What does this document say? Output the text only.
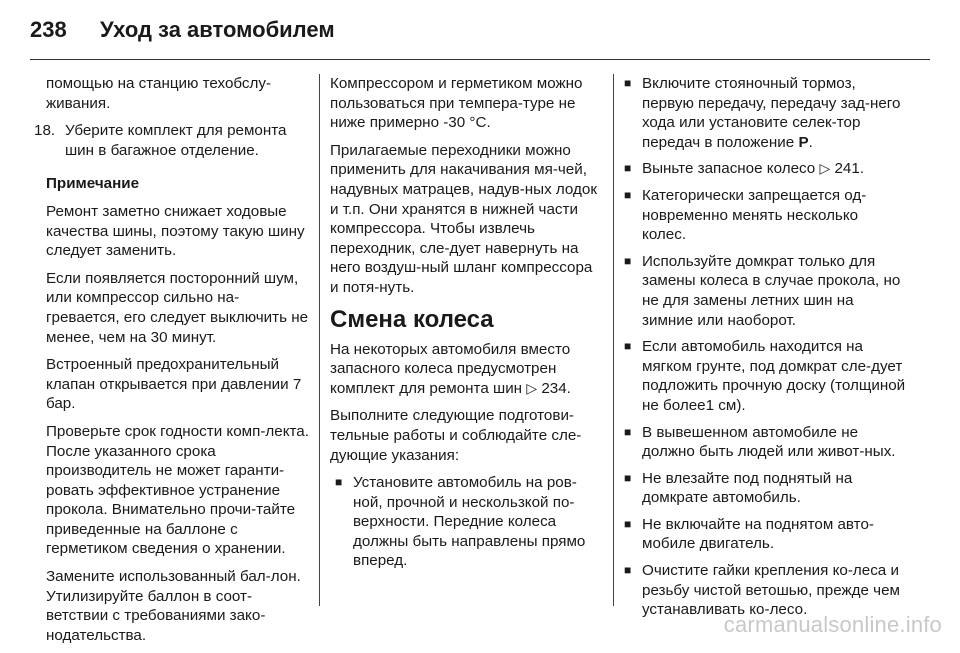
238	Уход за автомобилем

помощью на станцию техобслу-живания.

18. Уберите комплект для ремонта шин в багажное отделение.

Примечание

Ремонт заметно снижает ходовые качества шины, поэтому такую шину следует заменить.

Если появляется посторонний шум, или компрессор сильно на-гревается, его следует выключить не менее, чем на 30 минут.

Встроенный предохранительный клапан открывается при давлении 7 бар.

Проверьте срок годности комп-лекта. После указанного срока производитель не может гаранти-ровать эффективное устранение прокола. Внимательно прочи-тайте приведенные на баллоне с герметиком сведения о хранении.

Замените использованный бал-лон. Утилизируйте баллон в соот-ветствии с требованиями зако-нодательства.

Компрессором и герметиком можно пользоваться при темпера-туре не ниже примерно -30 °C.

Прилагаемые переходники можно применить для накачивания мя-чей, надувных матрацев, надув-ных лодок и т.п. Они хранятся в нижней части компрессора. Чтобы извлечь переходник, сле-дует навернуть на него воздуш-ный шланг компрессора и потя-нуть.

Смена колеса

На некоторых автомобиля вместо запасного колеса предусмотрен комплект для ремонта шин ▷ 234.

Выполните следующие подготови-тельные работы и соблюдайте сле-дующие указания:

■
Установите автомобиль на ров-ной, прочной и нескользкой по-верхности. Передние колеса должны быть направлены прямо вперед.
■
Включите стояночный тормоз, первую передачу, передачу зад-него хода или установите селек-тор передач в положение P.
■
Выньте запасное колесо ▷ 241.
■
Категорически запрещается од-новременно менять несколько колес.
■
Используйте домкрат только для замены колеса в случае прокола, но не для замены летних шин на зимние или наоборот.
■
Если автомобиль находится на мягком грунте, под домкрат сле-дует подложить прочную доску (толщиной не более1 см).
■
В вывешенном автомобиле не должно быть людей или живот-ных.
■
Не влезайте под поднятый на домкрате автомобиль.
■
Не включайте на поднятом авто-мобиле двигатель.
■
Очистите гайки крепления ко-леса и резьбу чистой ветошью, прежде чем устанавливать ко-лесо.
carmanualsonline.info
